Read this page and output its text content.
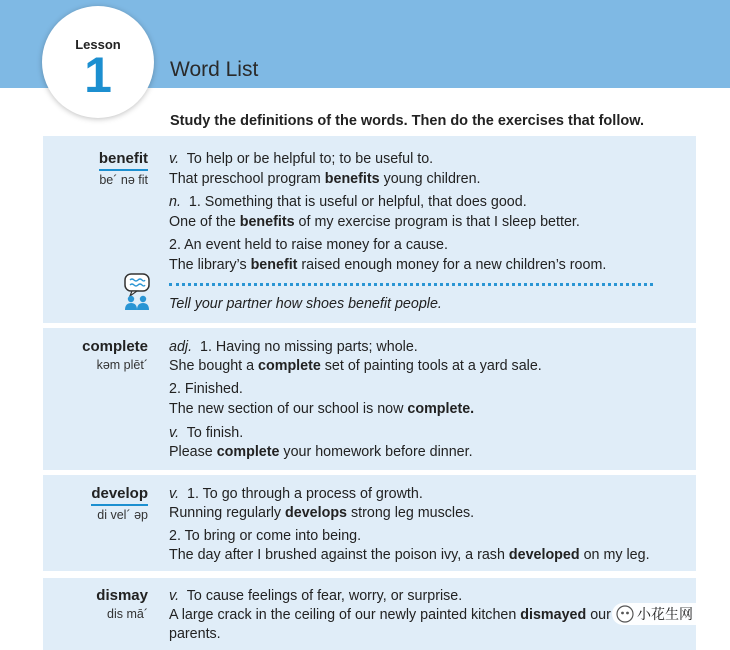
Lesson
1	Word List
Study the definitions of the words. Then do the exercises that follow.
benefit
be´ nə fit
v. To help or be helpful to; to be useful to.
That preschool program benefits young children.
n. 1. Something that is useful or helpful, that does good.
One of the benefits of my exercise program is that I sleep better.
2. An event held to raise money for a cause.
The library’s benefit raised enough money for a new children’s room.
Tell your partner how shoes benefit people.
complete
kəm plēt´
adj. 1. Having no missing parts; whole.
She bought a complete set of painting tools at a yard sale.
2. Finished.
The new section of our school is now complete.
v. To finish.
Please complete your homework before dinner.
develop
di vel´ əp
v. 1. To go through a process of growth.
Running regularly develops strong leg muscles.
2. To bring or come into being.
The day after I brushed against the poison ivy, a rash developed on my leg.
dismay
dis mā´
v. To cause feelings of fear, worry, or surprise.
A large crack in the ceiling of our newly painted kitchen dismayed our
parents.
小花生网
